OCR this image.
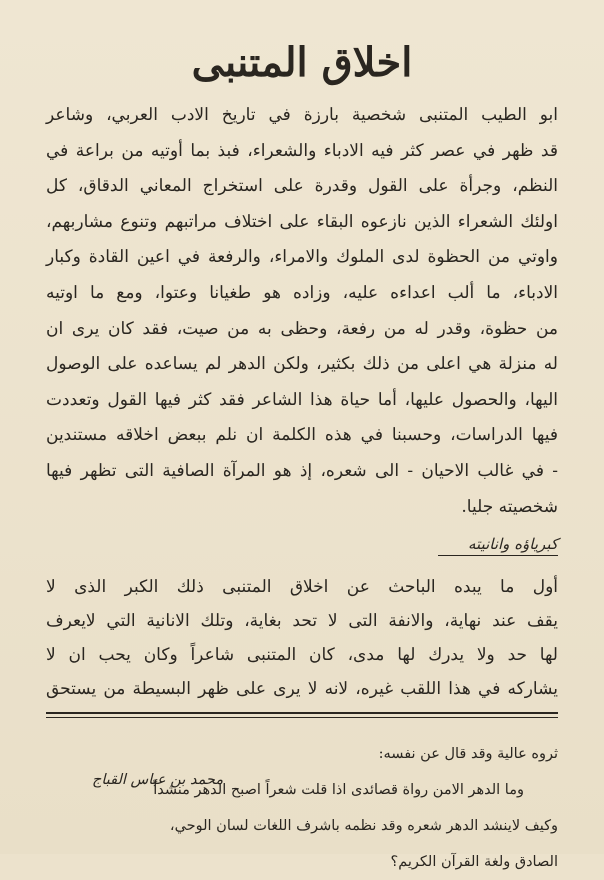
اخلاق المتنبى

ابو الطيب المتنبى شخصية بارزة في تاريخ الادب العربي، وشاعر

قد ظهر في عصر كثر فيه الادباء والشعراء، فبذ بما أوتيه من براعة في

النظم، وجرأة على القول وقدرة على استخراج المعاني الدقاق، كل

اولئك الشعراء الذين نازعوه البقاء على اختلاف مراتبهم وتنوع مشاربهم،

واوتي من الحظوة لدى الملوك والامراء، والرفعة في اعين القادة وكبار

الادباء، ما ألب اعداءه عليه، وزاده هو طغيانا وعتوا، ومع ما اوتيه

من حظوة، وقدر له من رفعة، وحظى به من صيت، فقد كان يرى ان

له منزلة هي اعلى من ذلك بكثير، ولكن الدهر لم يساعده على الوصول

اليها، والحصول عليها، أما حياة هذا الشاعر فقد كثر فيها القول وتعددت

فيها الدراسات، وحسبنا في هذه الكلمة ان نلم ببعض اخلاقه مستندين

- في غالب الاحيان - الى شعره، إذ هو المرآة الصافية التى تظهر فيها

شخصيته جليا.

كبرياؤه وانانيته

أول ما يبده الباحث عن اخلاق المتنبى ذلك الكبر الذى لا

يقف عند نهاية، والانفة التى لا تحد بغاية، وتلك الانانية التي لايعرف

لها حد ولا يدرك لها مدى، كان المتنبى شاعراً وكان يحب ان لا

يشاركه في هذا اللقب غيره، لانه لا يرى على ظهر البسيطة من يستحق

ثروه عالية وقد قال عن نفسه:

وما الدهر الامن رواة قصائدى اذا قلت شعراً اصبح الدهر منشداً

وكيف لاينشد الدهر شعره وقد نظمه باشرف اللغات لسان الوحي،

الصادق ولغة القرآن الكريم؟

محمد بن عباس القباج
